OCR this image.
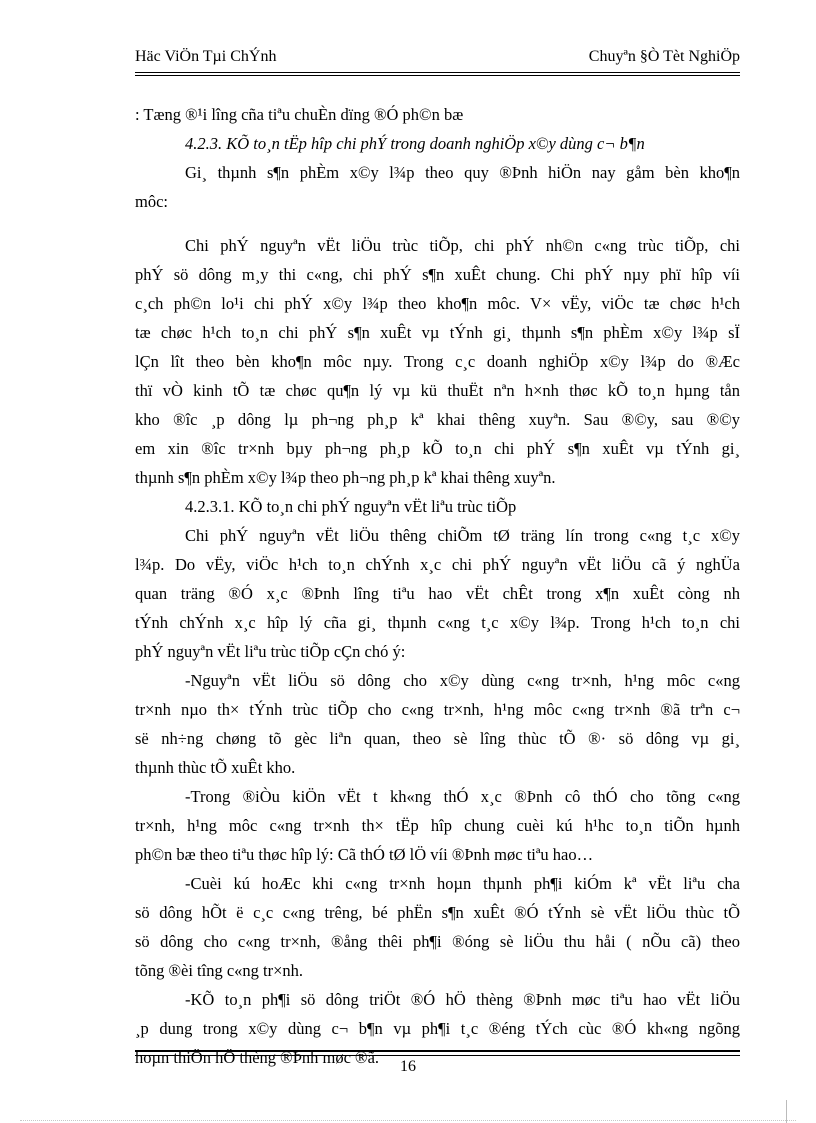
Häc ViÖn Tµi ChÝnh	Chuyªn §Ò Tèt NghiÖp
: Tæng ®¹i lîng cña tiªu chuÈn dïng ®Ó ph©n bæ
4.2.3. KÕ to¸n tËp hîp chi phÝ trong doanh nghiÖp x©y dùng c¬ b¶n
Gi¸ thµnh s¶n phÈm x©y l¾p theo quy ®Þnh hiÖn nay gåm bèn kho¶n
môc:
Chi phÝ nguyªn vËt liÖu trùc tiÕp, chi phÝ nh©n c«ng trùc tiÕp, chi
phÝ sö dông m¸y thi c«ng, chi phÝ s¶n xuÊt chung. Chi phÝ nµy phï hîp víi
c¸ch ph©n lo¹i chi phÝ x©y l¾p theo kho¶n môc. V× vËy, viÖc tæ chøc h¹ch
tæ chøc h¹ch to¸n chi phÝ s¶n xuÊt vµ tÝnh gi¸ thµnh s¶n phÈm x©y l¾p sÏ
lÇn lît theo bèn kho¶n môc nµy. Trong c¸c doanh nghiÖp x©y l¾p do ®Æc
thï vÒ kinh tÕ tæ chøc qu¶n lý vµ kü thuËt nªn h×nh thøc kÕ to¸n hµng tån
kho ®îc ¸p dông lµ ph¬ng ph¸p kª khai thêng xuyªn. Sau ®©y, sau ®©y
em xin ®îc tr×nh bµy ph¬ng ph¸p kÕ to¸n chi phÝ s¶n xuÊt vµ tÝnh gi¸
thµnh s¶n phÈm x©y l¾p theo ph¬ng ph¸p kª khai thêng xuyªn.
4.2.3.1. KÕ to¸n chi phÝ nguyªn vËt liªu trùc tiÕp
Chi phÝ nguyªn vËt liÖu thêng chiÕm tØ träng lín trong c«ng t¸c x©y
l¾p. Do vËy, viÖc h¹ch to¸n chÝnh x¸c chi phÝ nguyªn vËt liÖu cã ý nghÜa
quan träng ®Ó x¸c ®Þnh lîng tiªu hao vËt chÊt trong x¶n xuÊt còng nh
tÝnh chÝnh x¸c hîp lý cña gi¸ thµnh c«ng t¸c x©y l¾p. Trong h¹ch to¸n chi
phÝ nguyªn vËt liªu trùc tiÕp cÇn chó ý:
-Nguyªn vËt liÖu sö dông cho x©y dùng c«ng tr×nh, h¹ng môc c«ng
tr×nh nµo th× tÝnh trùc tiÕp cho c«ng tr×nh, h¹ng môc c«ng tr×nh ®ã trªn c¬
së nh÷ng chøng tõ gèc liªn quan, theo sè lîng thùc tÕ ®· sö dông vµ gi¸
thµnh thùc tÕ xuÊt kho.
-Trong ®iÒu kiÖn vËt t kh«ng thÓ x¸c ®Þnh cô thÓ cho tõng c«ng
tr×nh, h¹ng môc c«ng tr×nh th× tËp hîp chung cuèi kú h¹hc to¸n tiÕn hµnh
ph©n bæ theo tiªu thøc hîp lý: Cã thÓ tØ lÖ víi ®Þnh møc tiªu hao…
-Cuèi kú hoÆc khi c«ng tr×nh hoµn thµnh ph¶i kiÓm kª vËt liªu cha
sö dông hÕt ë c¸c c«ng trêng, bé phËn s¶n xuÊt ®Ó tÝnh sè vËt liÖu thùc tÕ
sö dông cho c«ng tr×nh, ®ång thêi ph¶i ®óng sè liÖu thu håi ( nÕu cã) theo
tõng ®èi tîng c«ng tr×nh.
-KÕ to¸n ph¶i sö dông triÖt ®Ó hÖ thèng ®Þnh møc tiªu hao vËt liÖu
¸p dung trong x©y dùng c¬ b¶n vµ ph¶i t¸c ®éng tÝch cùc ®Ó kh«ng ngõng
hoµn thiÖn hÖ thèng ®Þnh møc ®ã.	16
